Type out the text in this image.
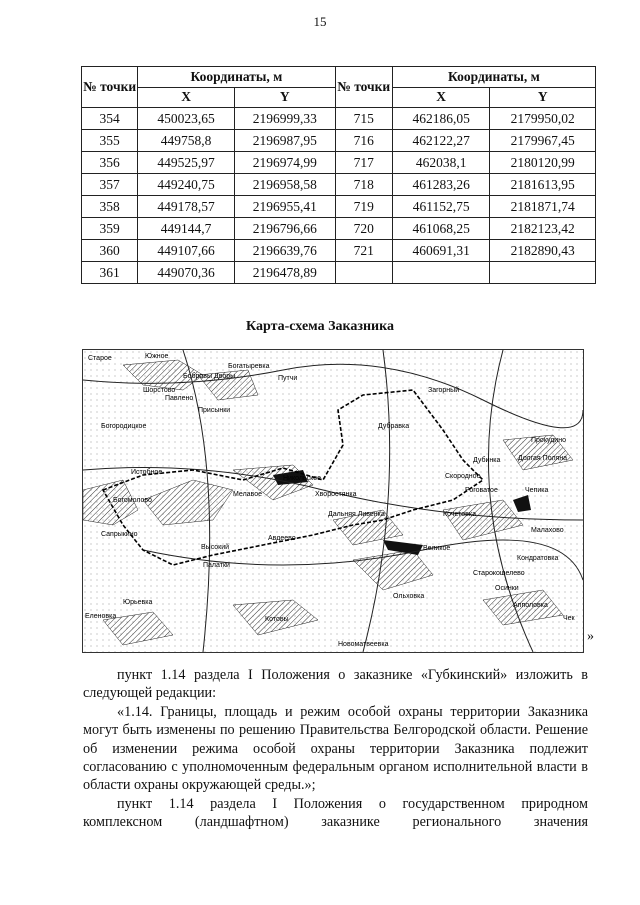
15
№ точки	Координаты, м		№ точки	Координаты, м	
	X	Y		X	Y
354	450023,65	2196999,33	715	462186,05	2179950,02
355	449758,8	2196987,95	716	462122,27	2179967,45
356	449525,97	2196974,99	717	462038,1	2180120,99
357	449240,75	2196958,58	718	461283,26	2181613,95
358	449178,57	2196955,41	719	461152,75	2181871,74
359	449144,7	2196796,66	720	461068,25	2182123,42
360	449107,66	2196639,76	721	460691,31	2182890,43
361	449070,36	2196478,89			
Карта-схема Заказника
Староe	Южное
Бобровы Дворы
Богатыревка
Путчи
Шорстово
Павлено
Присынки
Богородицкое
Загорный
Дубравка
Прокудино
Истобное
Никольское
Дубинка	Долгая Поляна
Мелавое	Хворостянка
Скородное
Роговатое	Чепика
Богомолово
Дальняя Ливенка	Кочетовка
Авдеево
Малахово
Сапрыкино
Высокий	Великое
Кондратовка
Палатки
Старокошелево
Ольховка
Юрьевка
Осинки
Апполовка
Еленовка	Котовы	Чек
Новоматвеевка
»

пункт 1.14 раздела I Положения о заказнике «Губкинский» изложить в следующей редакции:

«1.14. Границы, площадь и режим особой охраны территории Заказника могут быть изменены по решению Правительства Белгородской области. Решение об изменении режима особой охраны территории Заказника подлежит согласованию с уполномоченным федеральным органом исполнительной власти в области охраны окружающей среды.»;

пункт 1.14 раздела I Положения о государственном природном

комплексном (ландшафтном) заказнике регионального значения
